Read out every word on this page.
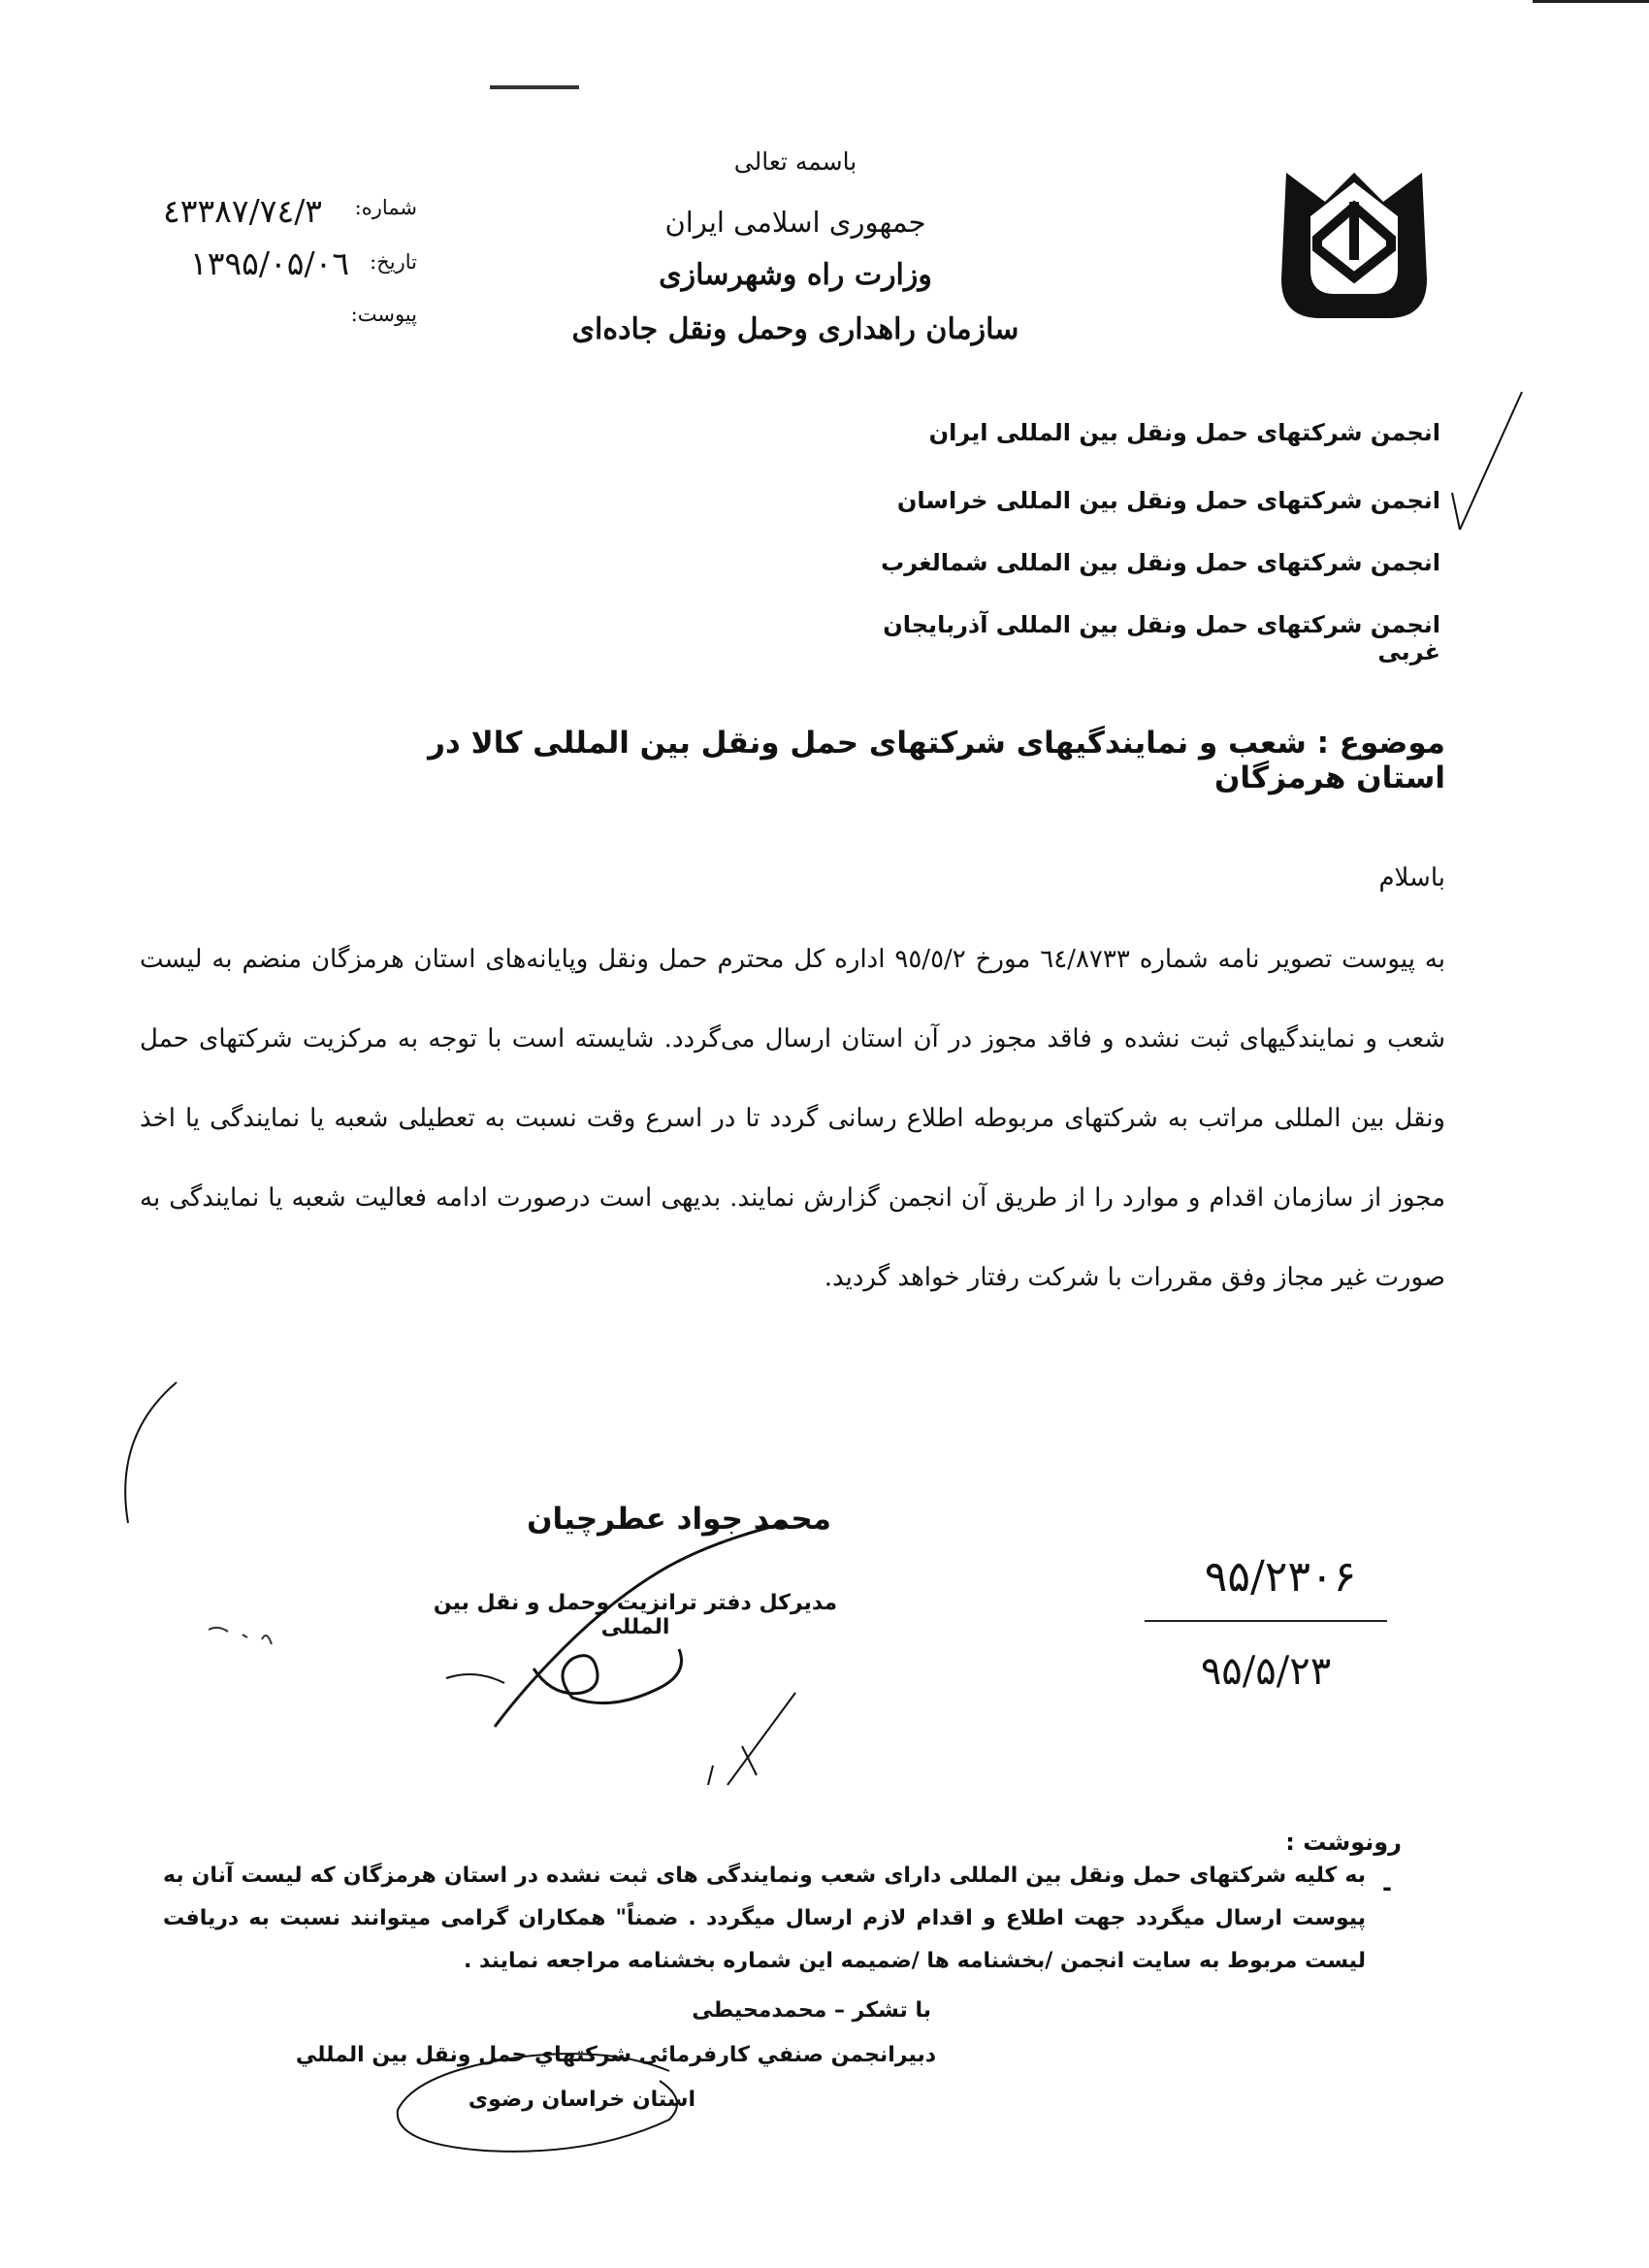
باسمه تعالی
جمهوری اسلامی ایران
وزارت راه وشهرسازی
سازمان راهداری وحمل ونقل جاده‌ای
شماره:
٤٣٣٨٧/٧٤/٣
تاریخ:
۱۳۹۵/۰۵/۰٦
پیوست:
انجمن شرکتهای حمل ونقل بین المللی ایران
انجمن شرکتهای حمل ونقل بین المللی خراسان
انجمن شرکتهای حمل ونقل بین المللی شمالغرب
انجمن شرکتهای حمل ونقل بین المللی آذربایجان غربی
موضوع : شعب و نمایندگیهای شرکتهای حمل ونقل بین المللی کالا در استان هرمزگان
باسلام
به پیوست تصویر نامه شماره ٦٤/٨٧٣٣ مورخ ٩٥/٥/٢ اداره کل محترم حمل ونقل وپایانه‌های استان هرمزگان منضم به لیست شعب و نمایندگیهای ثبت نشده و فاقد مجوز در آن استان ارسال می‌گردد. شایسته است با توجه به مرکزیت شرکتهای حمل ونقل بین المللی مراتب به شرکتهای مربوطه اطلاع رسانی گردد تا در اسرع وقت نسبت به تعطیلی شعبه یا نمایندگی یا اخذ مجوز از سازمان اقدام و موارد را از طریق آن انجمن گزارش نمایند. بدیهی است درصورت ادامه فعالیت شعبه یا نمایندگی به صورت غیر مجاز وفق مقررات با شرکت رفتار خواهد گردید.
محمد جواد عطرچیان
مدیرکل دفتر ترانزیت وحمل و نقل بین المللی
۹۵/۲۳۰۶
۹۵/۵/۲۳
رونوشت :
-
به کلیه شرکتهای حمل ونقل بین المللی دارای شعب ونمایندگی های ثبت نشده در استان هرمزگان که لیست آنان به پیوست ارسال میگردد جهت اطلاع و اقدام لازم ارسال میگردد . ضمناً" همکاران گرامی میتوانند نسبت به دریافت لیست مربوط به سایت انجمن /بخشنامه ها /ضمیمه این شماره بخشنامه مراجعه نمایند .
با تشکر – محمدمحیطی
دبیرانجمن صنفي کارفرمائی شرکتهاي حمل ونقل بین المللي
استان خراسان رضوی
